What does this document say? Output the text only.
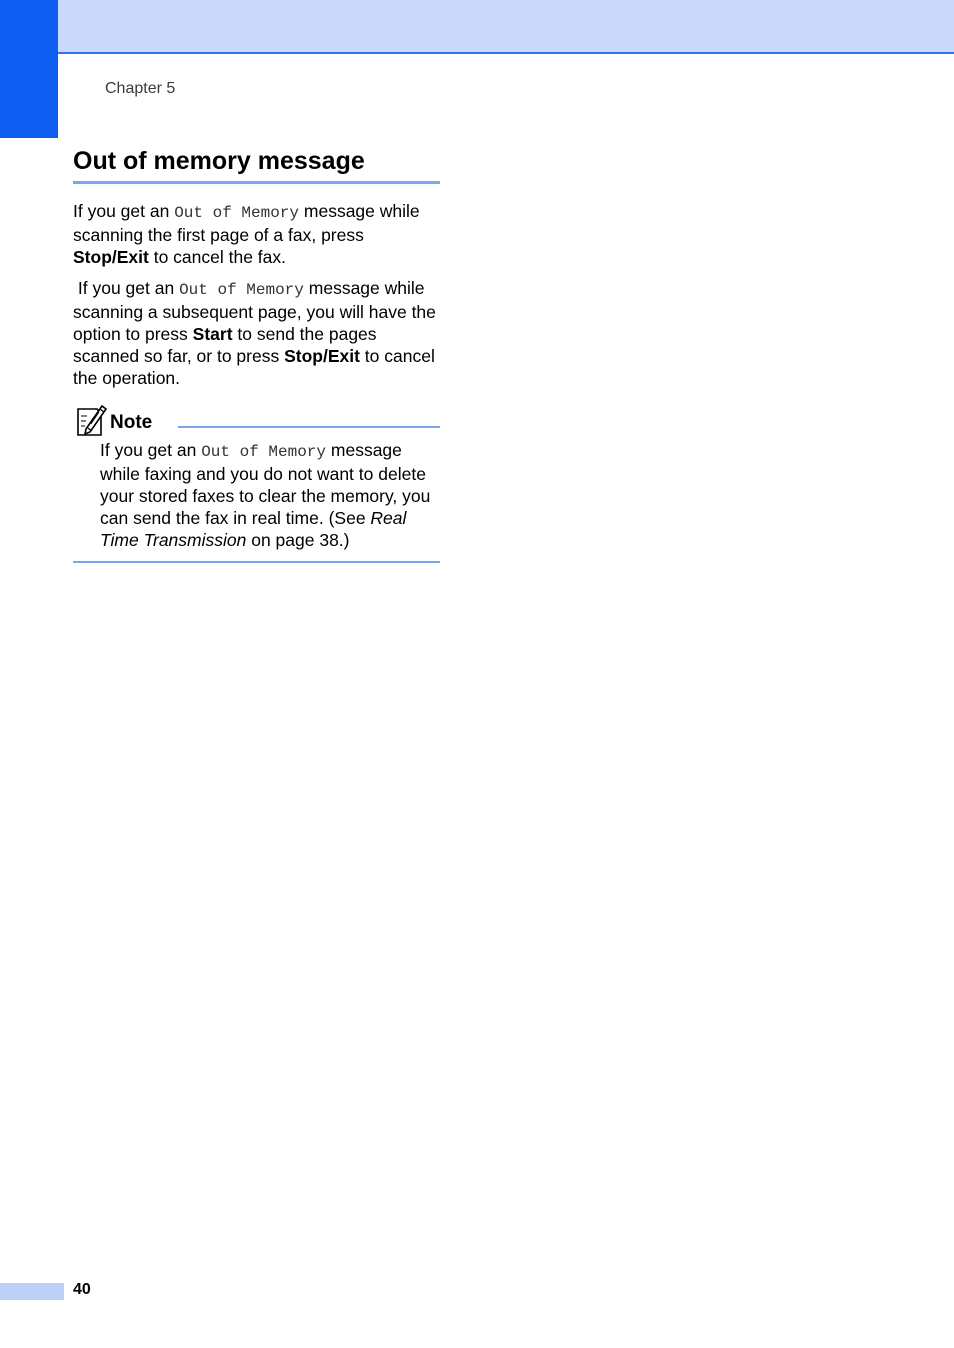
Chapter 5
Out of memory message

If you get an Out of Memory message while scanning the first page of a fax, press Stop/Exit to cancel the fax.

If you get an Out of Memory message while scanning a subsequent page, you will have the option to press Start to send the pages scanned so far, or to press Stop/Exit to cancel the operation.

Note

If you get an Out of Memory message while faxing and you do not want to delete your stored faxes to clear the memory, you can send the fax in real time. (See Real Time Transmission on page 38.)

40
